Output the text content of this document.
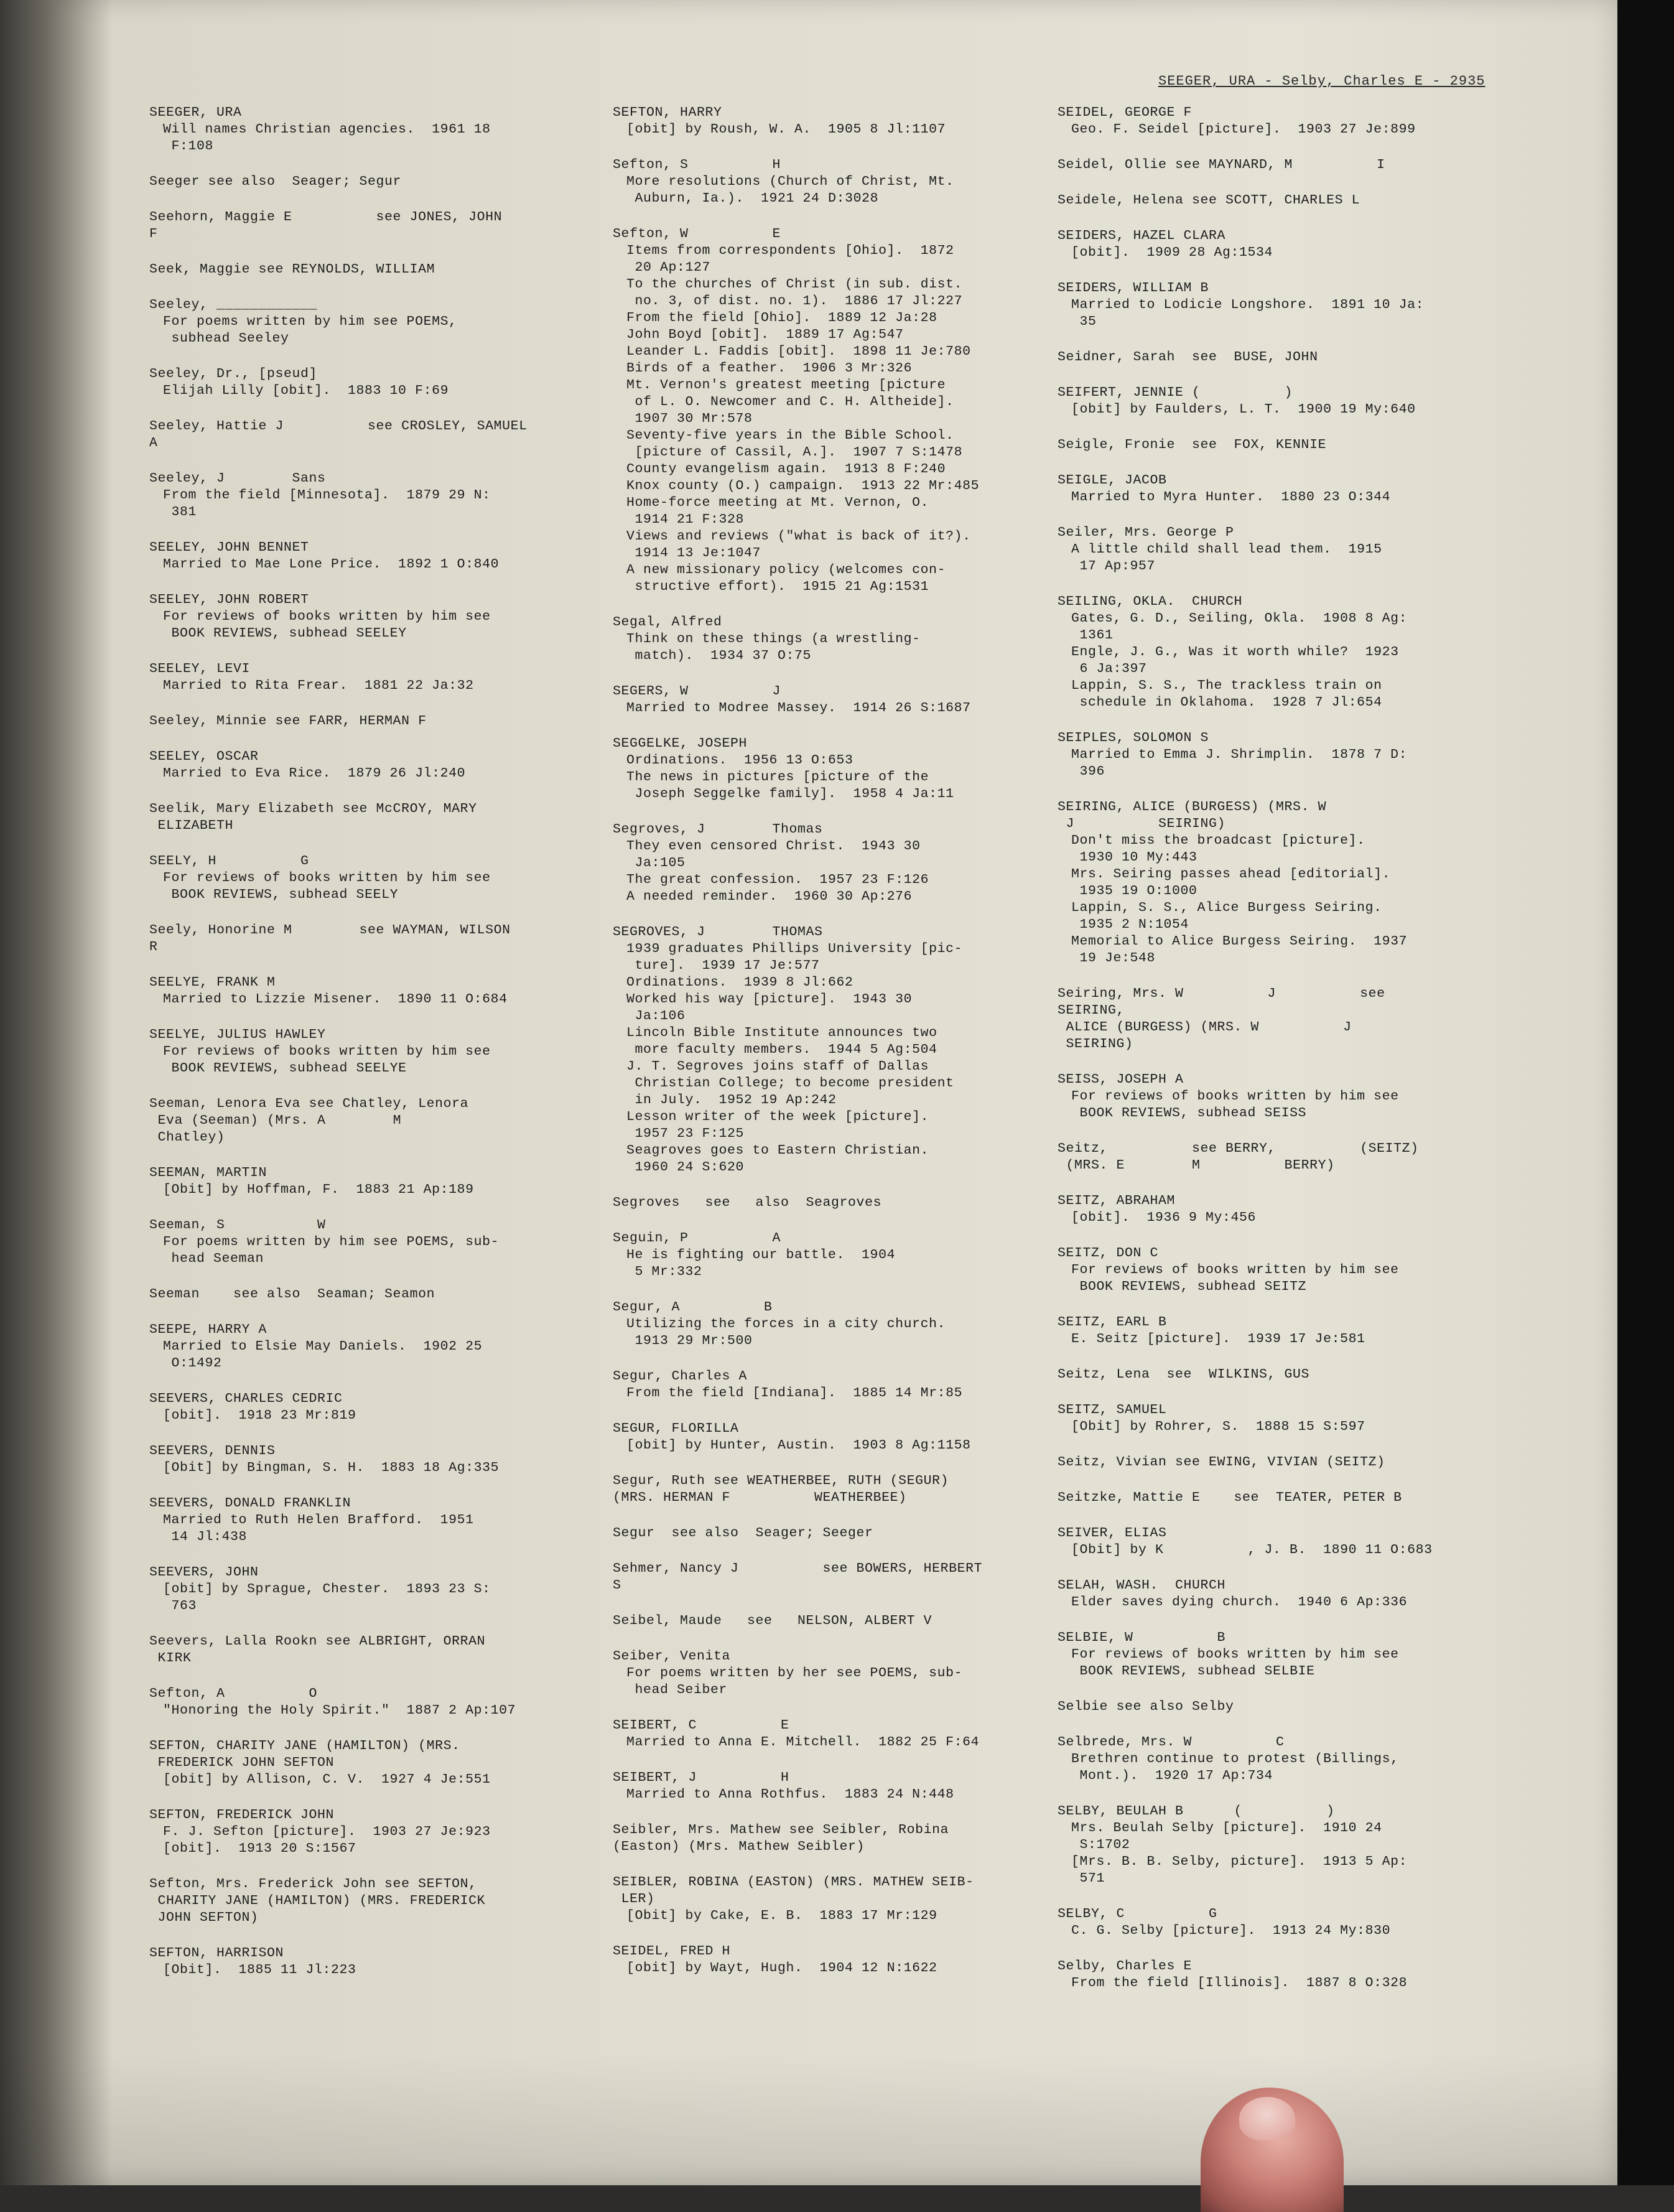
SEEGER, URA - Selby, Charles E - 2935
SEEGER, URA
Will names Christian agencies.  1961 18
F:108
Seeger see also  Seager; Segur
Seehorn, Maggie E          see JONES, JOHN
F
Seek, Maggie see REYNOLDS, WILLIAM
Seeley, ____________
For poems written by him see POEMS,
subhead Seeley
Seeley, Dr., [pseud]
Elijah Lilly [obit].  1883 10 F:69
Seeley, Hattie J          see CROSLEY, SAMUEL
A
Seeley, J        Sans
From the field [Minnesota].  1879 29 N:
381
SEELEY, JOHN BENNET
Married to Mae Lone Price.  1892 1 O:840
SEELEY, JOHN ROBERT
For reviews of books written by him see
BOOK REVIEWS, subhead SEELEY
SEELEY, LEVI
Married to Rita Frear.  1881 22 Ja:32
Seeley, Minnie see FARR, HERMAN F
SEELEY, OSCAR
Married to Eva Rice.  1879 26 Jl:240
Seelik, Mary Elizabeth see McCROY, MARY
ELIZABETH
SEELY, H          G
For reviews of books written by him see
BOOK REVIEWS, subhead SEELY
Seely, Honorine M        see WAYMAN, WILSON
R
SEELYE, FRANK M
Married to Lizzie Misener.  1890 11 O:684
SEELYE, JULIUS HAWLEY
For reviews of books written by him see
BOOK REVIEWS, subhead SEELYE
Seeman, Lenora Eva see Chatley, Lenora
Eva (Seeman) (Mrs. A        M
Chatley)
SEEMAN, MARTIN
[Obit] by Hoffman, F.  1883 21 Ap:189
Seeman, S           W
For poems written by him see POEMS, sub-
head Seeman
Seeman    see also  Seaman; Seamon
SEEPE, HARRY A
Married to Elsie May Daniels.  1902 25
O:1492
SEEVERS, CHARLES CEDRIC
[obit].  1918 23 Mr:819
SEEVERS, DENNIS
[Obit] by Bingman, S. H.  1883 18 Ag:335
SEEVERS, DONALD FRANKLIN
Married to Ruth Helen Brafford.  1951
14 Jl:438
SEEVERS, JOHN
[obit] by Sprague, Chester.  1893 23 S:
763
Seevers, Lalla Rookn see ALBRIGHT, ORRAN
KIRK
Sefton, A          O
"Honoring the Holy Spirit."  1887 2 Ap:107
SEFTON, CHARITY JANE (HAMILTON) (MRS.
FREDERICK JOHN SEFTON
[obit] by Allison, C. V.  1927 4 Je:551
SEFTON, FREDERICK JOHN
F. J. Sefton [picture].  1903 27 Je:923
[obit].  1913 20 S:1567
Sefton, Mrs. Frederick John see SEFTON,
CHARITY JANE (HAMILTON) (MRS. FREDERICK
JOHN SEFTON)
SEFTON, HARRISON
[Obit].  1885 11 Jl:223
SEFTON, HARRY
[obit] by Roush, W. A.  1905 8 Jl:1107
Sefton, S          H
More resolutions (Church of Christ, Mt.
Auburn, Ia.).  1921 24 D:3028
Sefton, W          E
Items from correspondents [Ohio].  1872
20 Ap:127
To the churches of Christ (in sub. dist.
no. 3, of dist. no. 1).  1886 17 Jl:227
From the field [Ohio].  1889 12 Ja:28
John Boyd [obit].  1889 17 Ag:547
Leander L. Faddis [obit].  1898 11 Je:780
Birds of a feather.  1906 3 Mr:326
Mt. Vernon's greatest meeting [picture
of L. O. Newcomer and C. H. Altheide].
1907 30 Mr:578
Seventy-five years in the Bible School.
[picture of Cassil, A.].  1907 7 S:1478
County evangelism again.  1913 8 F:240
Knox county (O.) campaign.  1913 22 Mr:485
Home-force meeting at Mt. Vernon, O.
1914 21 F:328
Views and reviews ("what is back of it?).
1914 13 Je:1047
A new missionary policy (welcomes con-
structive effort).  1915 21 Ag:1531
Segal, Alfred
Think on these things (a wrestling-
match).  1934 37 O:75
SEGERS, W          J
Married to Modree Massey.  1914 26 S:1687
SEGGELKE, JOSEPH
Ordinations.  1956 13 O:653
The news in pictures [picture of the
Joseph Seggelke family].  1958 4 Ja:11
Segroves, J        Thomas
They even censored Christ.  1943 30
Ja:105
The great confession.  1957 23 F:126
A needed reminder.  1960 30 Ap:276
SEGROVES, J        THOMAS
1939 graduates Phillips University [pic-
ture].  1939 17 Je:577
Ordinations.  1939 8 Jl:662
Worked his way [picture].  1943 30
Ja:106
Lincoln Bible Institute announces two
more faculty members.  1944 5 Ag:504
J. T. Segroves joins staff of Dallas
Christian College; to become president
in July.  1952 19 Ap:242
Lesson writer of the week [picture].
1957 23 F:125
Seagroves goes to Eastern Christian.
1960 24 S:620
Segroves   see   also  Seagroves
Seguin, P          A
He is fighting our battle.  1904
5 Mr:332
Segur, A          B
Utilizing the forces in a city church.
1913 29 Mr:500
Segur, Charles A
From the field [Indiana].  1885 14 Mr:85
SEGUR, FLORILLA
[obit] by Hunter, Austin.  1903 8 Ag:1158
Segur, Ruth see WEATHERBEE, RUTH (SEGUR)
(MRS. HERMAN F          WEATHERBEE)
Segur  see also  Seager; Seeger
Sehmer, Nancy J          see BOWERS, HERBERT S
Seibel, Maude   see   NELSON, ALBERT V
Seiber, Venita
For poems written by her see POEMS, sub-
head Seiber
SEIBERT, C          E
Married to Anna E. Mitchell.  1882 25 F:64
SEIBERT, J          H
Married to Anna Rothfus.  1883 24 N:448
Seibler, Mrs. Mathew see Seibler, Robina
(Easton) (Mrs. Mathew Seibler)
SEIBLER, ROBINA (EASTON) (MRS. MATHEW SEIB-
LER)
[Obit] by Cake, E. B.  1883 17 Mr:129
SEIDEL, FRED H
[obit] by Wayt, Hugh.  1904 12 N:1622
SEIDEL, GEORGE F
Geo. F. Seidel [picture].  1903 27 Je:899
Seidel, Ollie see MAYNARD, M          I
Seidele, Helena see SCOTT, CHARLES L
SEIDERS, HAZEL CLARA
[obit].  1909 28 Ag:1534
SEIDERS, WILLIAM B
Married to Lodicie Longshore.  1891 10 Ja:
35
Seidner, Sarah  see  BUSE, JOHN
SEIFERT, JENNIE (          )
[obit] by Faulders, L. T.  1900 19 My:640
Seigle, Fronie  see  FOX, KENNIE
SEIGLE, JACOB
Married to Myra Hunter.  1880 23 O:344
Seiler, Mrs. George P
A little child shall lead them.  1915
17 Ap:957
SEILING, OKLA.  CHURCH
Gates, G. D., Seiling, Okla.  1908 8 Ag:
1361
Engle, J. G., Was it worth while?  1923
6 Ja:397
Lappin, S. S., The trackless train on
schedule in Oklahoma.  1928 7 Jl:654
SEIPLES, SOLOMON S
Married to Emma J. Shrimplin.  1878 7 D:
396
SEIRING, ALICE (BURGESS) (MRS. W
J          SEIRING)
Don't miss the broadcast [picture].
1930 10 My:443
Mrs. Seiring passes ahead [editorial].
1935 19 O:1000
Lappin, S. S., Alice Burgess Seiring.
1935 2 N:1054
Memorial to Alice Burgess Seiring.  1937
19 Je:548
Seiring, Mrs. W          J          see SEIRING,
ALICE (BURGESS) (MRS. W          J
SEIRING)
SEISS, JOSEPH A
For reviews of books written by him see
BOOK REVIEWS, subhead SEISS
Seitz,          see BERRY,          (SEITZ)
(MRS. E        M          BERRY)
SEITZ, ABRAHAM
[obit].  1936 9 My:456
SEITZ, DON C
For reviews of books written by him see
BOOK REVIEWS, subhead SEITZ
SEITZ, EARL B
E. Seitz [picture].  1939 17 Je:581
Seitz, Lena  see  WILKINS, GUS
SEITZ, SAMUEL
[Obit] by Rohrer, S.  1888 15 S:597
Seitz, Vivian see EWING, VIVIAN (SEITZ)
Seitzke, Mattie E    see  TEATER, PETER B
SEIVER, ELIAS
[Obit] by K          , J. B.  1890 11 O:683
SELAH, WASH.  CHURCH
Elder saves dying church.  1940 6 Ap:336
SELBIE, W          B
For reviews of books written by him see
BOOK REVIEWS, subhead SELBIE
Selbie see also Selby
Selbrede, Mrs. W          C
Brethren continue to protest (Billings,
Mont.).  1920 17 Ap:734
SELBY, BEULAH B      (          )
Mrs. Beulah Selby [picture].  1910 24
S:1702
[Mrs. B. B. Selby, picture].  1913 5 Ap:
571
SELBY, C          G
C. G. Selby [picture].  1913 24 My:830
Selby, Charles E
From the field [Illinois].  1887 8 O:328
